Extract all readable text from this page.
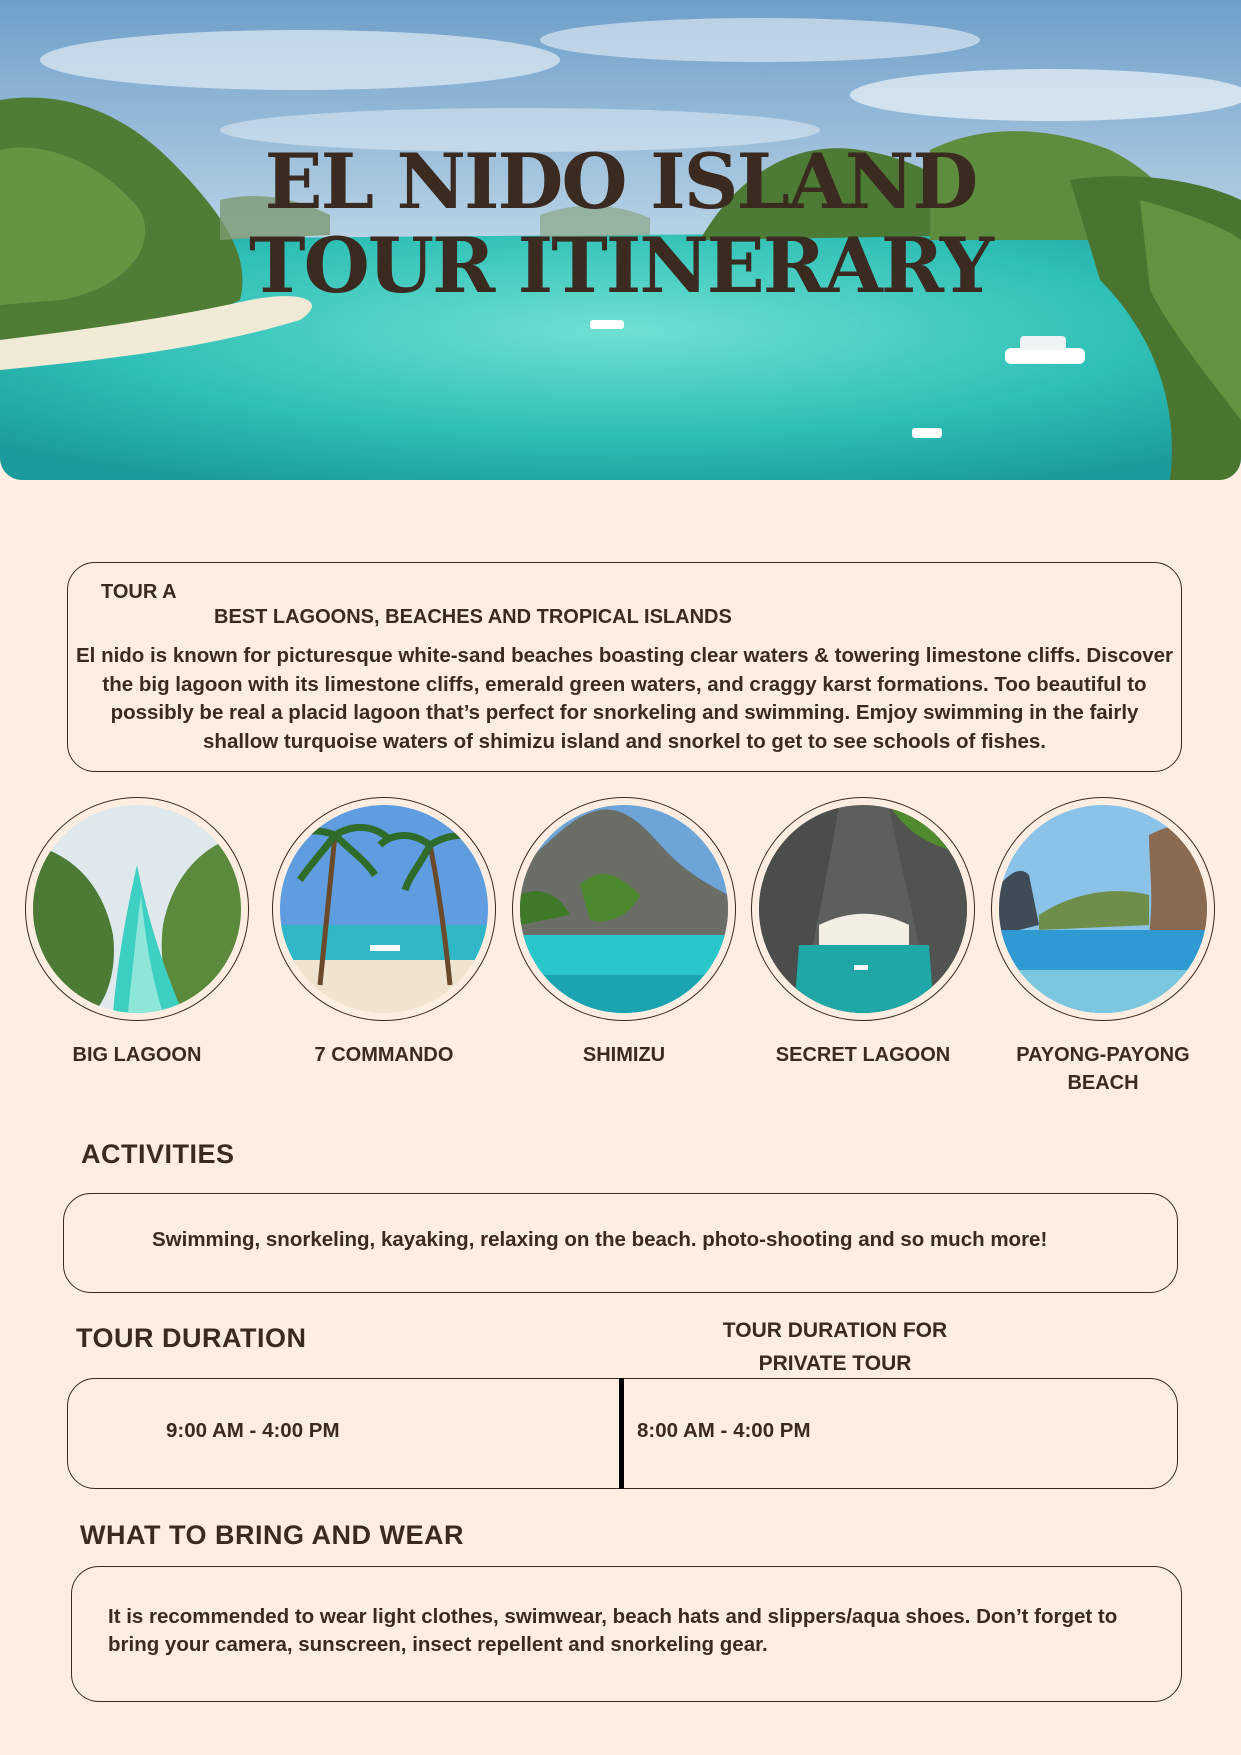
EL NIDO ISLAND
TOUR ITINERARY
TOUR A
BEST LAGOONS, BEACHES AND TROPICAL ISLANDS

El nido is known for picturesque white-sand beaches boasting clear waters & towering limestone cliffs. Discover the big lagoon with its limestone cliffs, emerald green waters, and craggy karst formations. Too beautiful to possibly be real a placid lagoon that’s perfect for snorkeling and swimming. Emjoy swimming in the fairly shallow turquoise waters of shimizu island and snorkel to get to see schools of fishes.

BIG LAGOON	7 COMMANDO	SHIMIZU	SECRET LAGOON	PAYONG-PAYONG BEACH
ACTIVITIES
Swimming, snorkeling, kayaking, relaxing on the beach. photo-shooting and so much more!
TOUR DURATION	TOUR DURATION FOR PRIVATE TOUR
9:00 AM - 4:00 PM	8:00 AM - 4:00 PM
WHAT TO BRING AND WEAR

It is recommended to wear light clothes, swimwear, beach hats and slippers/aqua shoes. Don’t forget to bring your camera, sunscreen, insect repellent and snorkeling gear.
